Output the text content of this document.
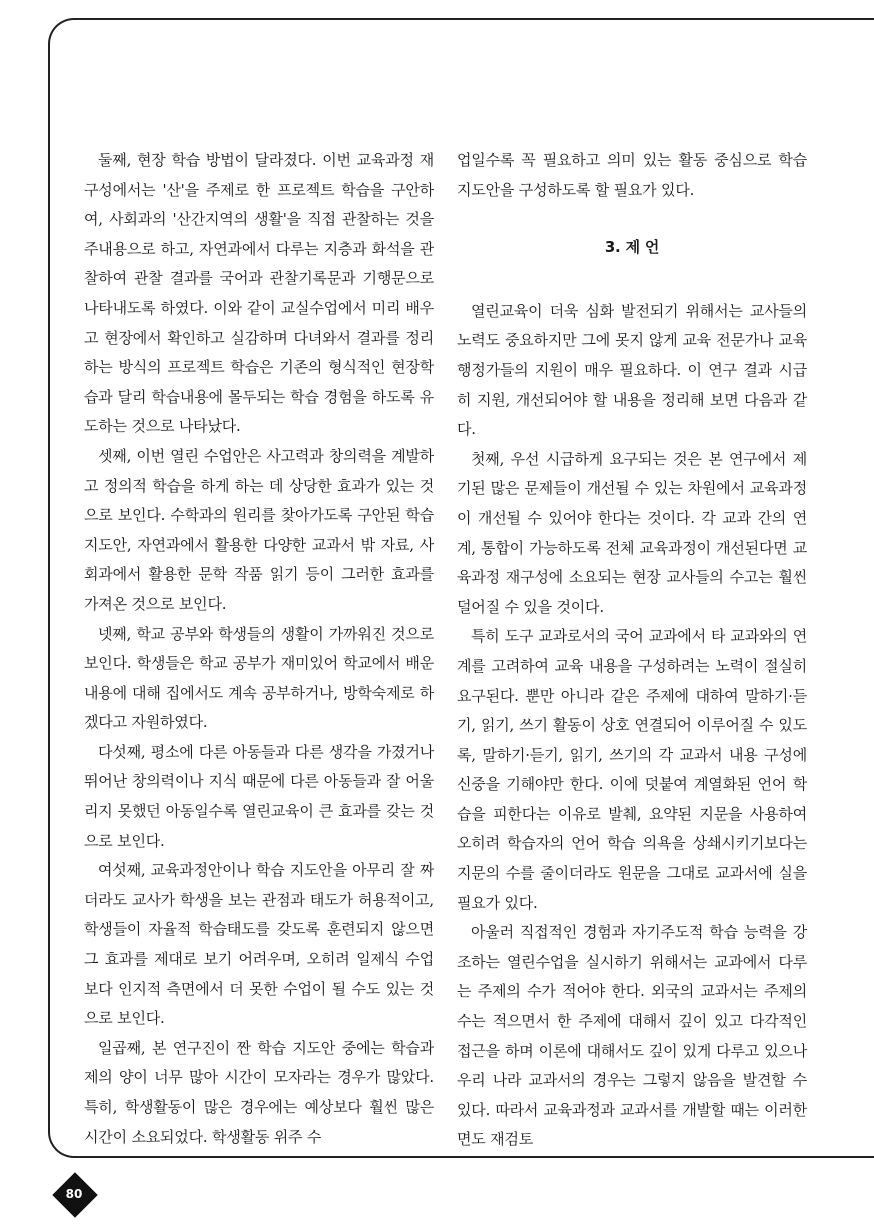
둘째, 현장 학습 방법이 달라졌다. 이번 교육과정 재구성에서는 '산'을 주제로 한 프로젝트 학습을 구안하여, 사회과의 '산간지역의 생활'을 직접 관찰하는 것을 주내용으로 하고, 자연과에서 다루는 지층과 화석을 관찰하여 관찰 결과를 국어과 관찰기록문과 기행문으로 나타내도록 하였다. 이와 같이 교실수업에서 미리 배우고 현장에서 확인하고 실감하며 다녀와서 결과를 정리하는 방식의 프로젝트 학습은 기존의 형식적인 현장학습과 달리 학습내용에 몰두되는 학습 경험을 하도록 유도하는 것으로 나타났다.

셋째, 이번 열린 수업안은 사고력과 창의력을 계발하고 정의적 학습을 하게 하는 데 상당한 효과가 있는 것으로 보인다. 수학과의 원리를 찾아가도록 구안된 학습 지도안, 자연과에서 활용한 다양한 교과서 밖 자료, 사회과에서 활용한 문학 작품 읽기 등이 그러한 효과를 가져온 것으로 보인다.

넷째, 학교 공부와 학생들의 생활이 가까워진 것으로 보인다. 학생들은 학교 공부가 재미있어 학교에서 배운 내용에 대해 집에서도 계속 공부하거나, 방학숙제로 하겠다고 자원하였다.

다섯째, 평소에 다른 아동들과 다른 생각을 가졌거나 뛰어난 창의력이나 지식 때문에 다른 아동들과 잘 어울리지 못했던 아동일수록 열린교육이 큰 효과를 갖는 것으로 보인다.

여섯째, 교육과정안이나 학습 지도안을 아무리 잘 짜더라도 교사가 학생을 보는 관점과 태도가 허용적이고, 학생들이 자율적 학습태도를 갖도록 훈련되지 않으면 그 효과를 제대로 보기 어려우며, 오히려 일제식 수업보다 인지적 측면에서 더 못한 수업이 될 수도 있는 것으로 보인다.

일곱째, 본 연구진이 짠 학습 지도안 중에는 학습과제의 양이 너무 많아 시간이 모자라는 경우가 많았다. 특히, 학생활동이 많은 경우에는 예상보다 훨씬 많은 시간이 소요되었다. 학생활동 위주 수

업일수록 꼭 필요하고 의미 있는 활동 중심으로 학습 지도안을 구성하도록 할 필요가 있다.

3. 제 언

열린교육이 더욱 심화 발전되기 위해서는 교사들의 노력도 중요하지만 그에 못지 않게 교육 전문가나 교육 행정가들의 지원이 매우 필요하다. 이 연구 결과 시급히 지원, 개선되어야 할 내용을 정리해 보면 다음과 같다.

첫째, 우선 시급하게 요구되는 것은 본 연구에서 제기된 많은 문제들이 개선될 수 있는 차원에서 교육과정이 개선될 수 있어야 한다는 것이다. 각 교과 간의 연계, 통합이 가능하도록 전체 교육과정이 개선된다면 교육과정 재구성에 소요되는 현장 교사들의 수고는 훨씬 덜어질 수 있을 것이다.

특히 도구 교과로서의 국어 교과에서 타 교과와의 연계를 고려하여 교육 내용을 구성하려는 노력이 절실히 요구된다. 뿐만 아니라 같은 주제에 대하여 말하기·듣기, 읽기, 쓰기 활동이 상호 연결되어 이루어질 수 있도록, 말하기·듣기, 읽기, 쓰기의 각 교과서 내용 구성에 신중을 기해야만 한다. 이에 덧붙여 계열화된 언어 학습을 피한다는 이유로 발췌, 요약된 지문을 사용하여 오히려 학습자의 언어 학습 의욕을 상쇄시키기보다는 지문의 수를 줄이더라도 원문을 그대로 교과서에 실을 필요가 있다.

아울러 직접적인 경험과 자기주도적 학습 능력을 강조하는 열린수업을 실시하기 위해서는 교과에서 다루는 주제의 수가 적어야 한다. 외국의 교과서는 주제의 수는 적으면서 한 주제에 대해서 깊이 있고 다각적인 접근을 하며 이론에 대해서도 깊이 있게 다루고 있으나 우리 나라 교과서의 경우는 그렇지 않음을 발견할 수 있다. 따라서 교육과정과 교과서를 개발할 때는 이러한 면도 재검토

80
